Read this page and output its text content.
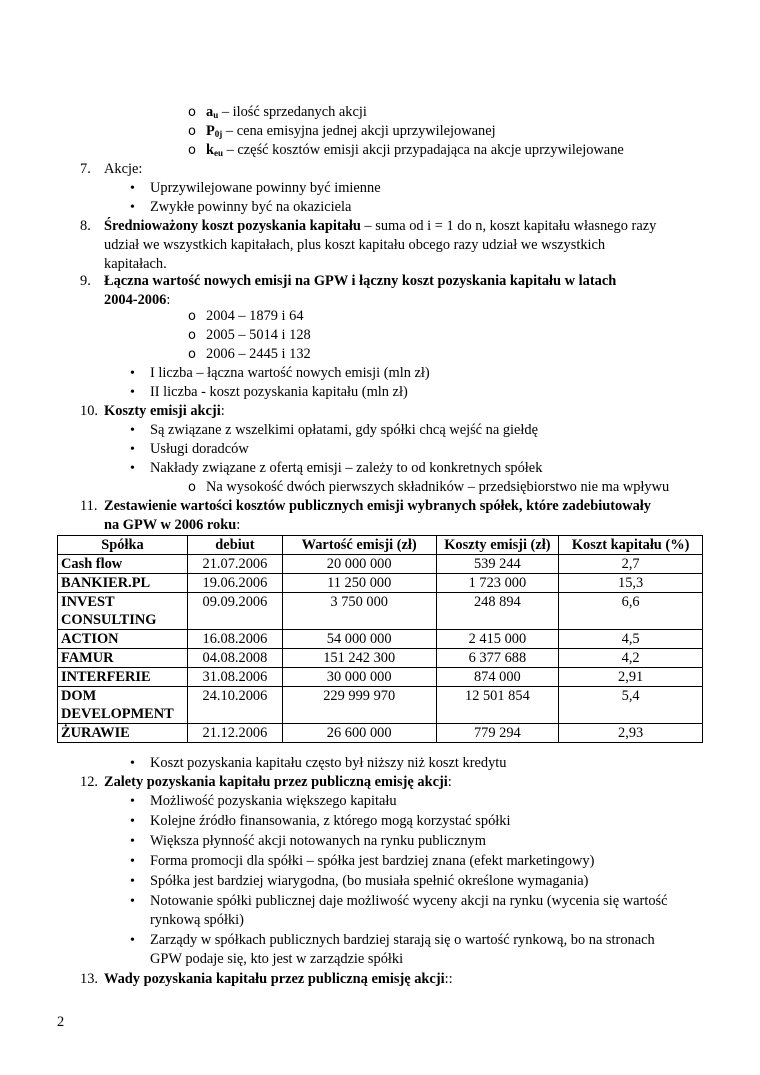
o $a_u$ – ilość sprzedanych akcji
o $P_{0j}$ – cena emisyjna jednej akcji uprzywilejowanej
o $k_{eu}$ – część kosztów emisji akcji przypadająca na akcje uprzywilejowane
7. Akcje:
• Uprzywilejowane powinny być imienne
• Zwykłe powinny być na okaziciela
8. Średnioważony koszt pozyskania kapitału – suma od i = 1 do n, koszt kapitału własnego razy
udział we wszystkich kapitałach, plus koszt kapitału obcego razy udział we wszystkich
kapitałach.
9. Łączna wartość nowych emisji na GPW i łączny koszt pozyskania kapitału w latach
2004-2006:
o 2004 – 1879 i 64
o 2005 – 5014 i 128
o 2006 – 2445 i 132
• I liczba – łączna wartość nowych emisji (mln zł)
• II liczba - koszt pozyskania kapitału (mln zł)
10. Koszty emisji akcji:
• Są związane z wszelkimi opłatami, gdy spółki chcą wejść na giełdę
• Usługi doradców
• Nakłady związane z ofertą emisji – zależy to od konkretnych spółek
o Na wysokość dwóch pierwszych składników – przedsiębiorstwo nie ma wpływu
11. Zestawienie wartości kosztów publicznych emisji wybranych spółek, które zadebiutowały
na GPW w 2006 roku:
Spółka	debiut	Wartość emisji (zł)	Koszty emisji (zł)	Koszt kapitału (%)
Cash flow	21.07.2006	20 000 000	539 244	2,7
BANKIER.PL	19.06.2006	11 250 000	1 723 000	15,3
INVEST CONSULTING	09.09.2006	3 750 000	248 894	6,6
ACTION	16.08.2006	54 000 000	2 415 000	4,5
FAMUR	04.08.2008	151 242 300	6 377 688	4,2
INTERFERIE	31.08.2006	30 000 000	874 000	2,91
DOM DEVELOPMENT	24.10.2006	229 999 970	12 501 854	5,4
ŻURAWIE	21.12.2006	26 600 000	779 294	2,93
• Koszt pozyskania kapitału często był niższy niż koszt kredytu
12. Zalety pozyskania kapitału przez publiczną emisję akcji:
• Możliwość pozyskania większego kapitału
• Kolejne źródło finansowania, z którego mogą korzystać spółki
• Większa płynność akcji notowanych na rynku publicznym
• Forma promocji dla spółki – spółka jest bardziej znana (efekt marketingowy)
• Spółka jest bardziej wiarygodna, (bo musiała spełnić określone wymagania)
• Notowanie spółki publicznej daje możliwość wyceny akcji na rynku (wycenia się wartość
rynkową spółki)
• Zarządy w spółkach publicznych bardziej starają się o wartość rynkową, bo na stronach
GPW podaje się, kto jest w zarządzie spółki
13. Wady pozyskania kapitału przez publiczną emisję akcji::
2
